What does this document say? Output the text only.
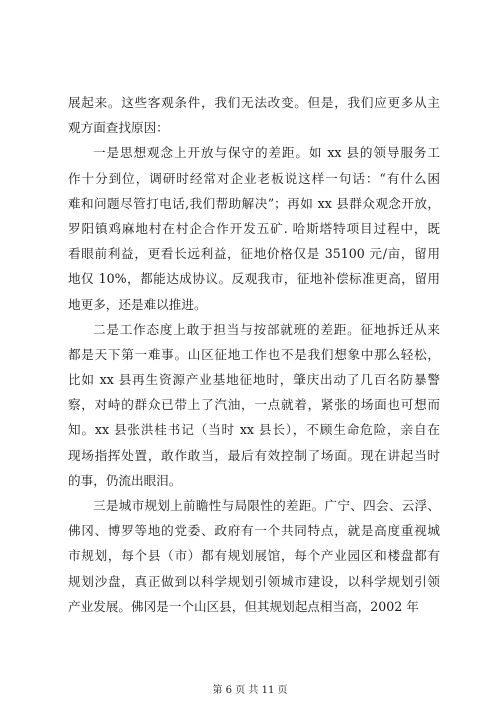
展起来。这些客观条件，我们无法改变。但是，我们应更多从主
观方面查找原因：
一是思想观念上开放与保守的差距。如 xx 县的领导服务工
作十分到位，调研时经常对企业老板说这样一句话：“有什么困
难和问题尽管打电话,我们帮助解决”；再如 xx 县群众观念开放，
罗阳镇鸡麻地村在村企合作开发五矿. 哈斯塔特项目过程中，既
看眼前利益，更看长远利益，征地价格仅是 35100 元/亩，留用
地仅 10%，都能达成协议。反观我市，征地补偿标准更高，留用
地更多，还是难以推进。
二是工作态度上敢于担当与按部就班的差距。征地拆迁从来
都是天下第一难事。山区征地工作也不是我们想象中那么轻松，
比如 xx 县再生资源产业基地征地时，肇庆出动了几百名防暴警
察，对峙的群众已带上了汽油，一点就着，紧张的场面也可想而
知。xx 县张洪桂书记（当时 xx 县长），不顾生命危险，亲自在
现场指挥处置，敢作敢当，最后有效控制了场面。现在讲起当时
的事，仍流出眼泪。
三是城市规划上前瞻性与局限性的差距。广宁、四会、云浮、
佛冈、博罗等地的党委、政府有一个共同特点，就是高度重视城
市规划，每个县（市）都有规划展馆，每个产业园区和楼盘都有
规划沙盘，真正做到以科学规划引领城市建设，以科学规划引领
产业发展。佛冈是一个山区县，但其规划起点相当高，2002 年
第 6 页 共 11 页
